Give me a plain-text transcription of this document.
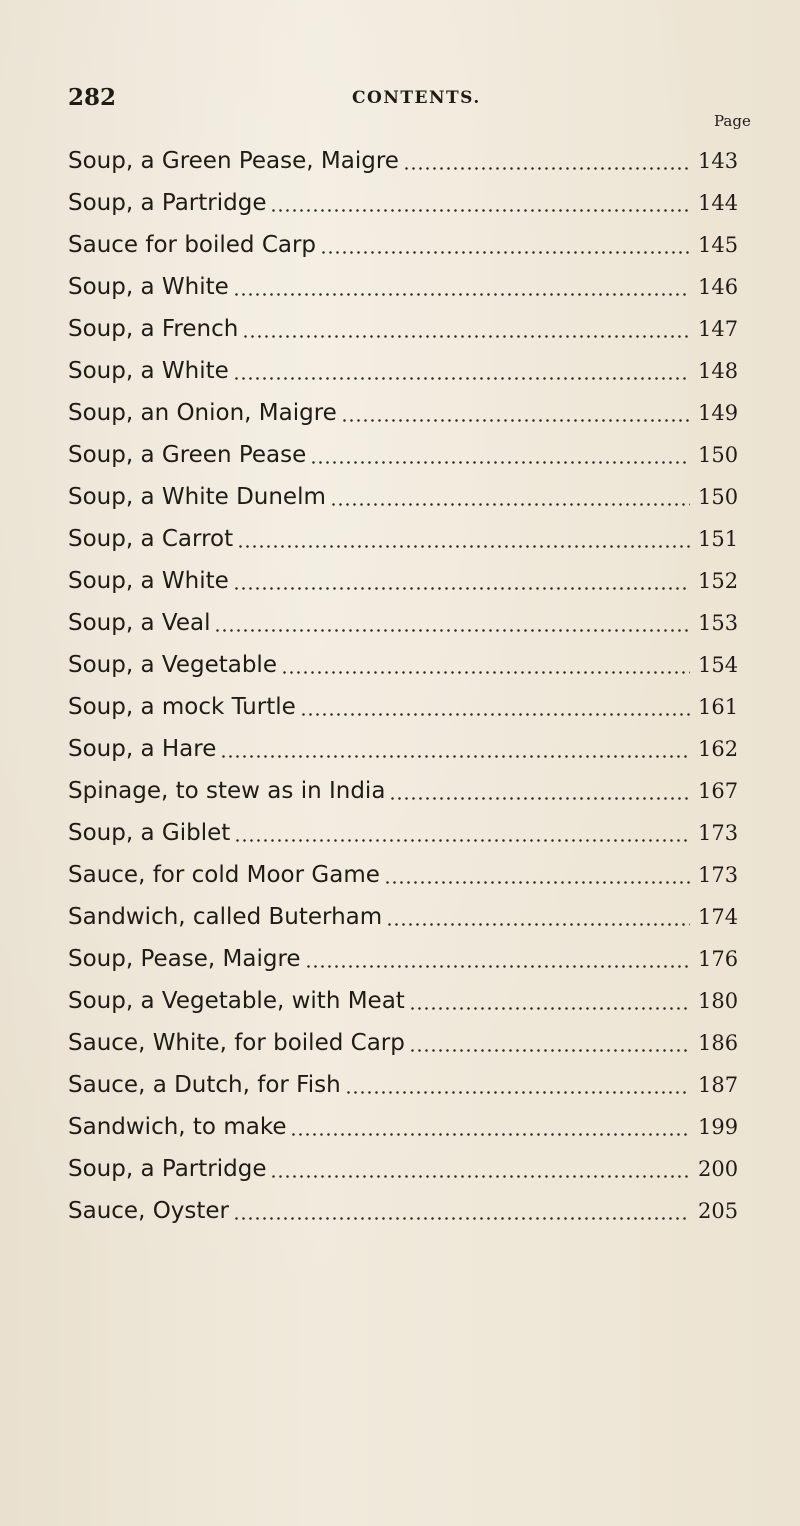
282	CONTENTS.
Page
Soup, a Green Pease, Maigre	143
Soup, a Partridge	144
Sauce for boiled Carp	145
Soup, a White	146
Soup, a French	147
Soup, a White	148
Soup, an Onion, Maigre	149
Soup, a Green Pease	150
Soup, a White Dunelm	150
Soup, a Carrot	151
Soup, a White	152
Soup, a Veal	153
Soup, a Vegetable	154
Soup, a mock Turtle	161
Soup, a Hare	162
Spinage, to stew as in India	167
Soup, a Giblet	173
Sauce, for cold Moor Game	173
Sandwich, called Buterham	174
Soup, Pease, Maigre	176
Soup, a Vegetable, with Meat	180
Sauce, White, for boiled Carp	186
Sauce, a Dutch, for Fish	187
Sandwich, to make	199
Soup, a Partridge	200
Sauce, Oyster	205
